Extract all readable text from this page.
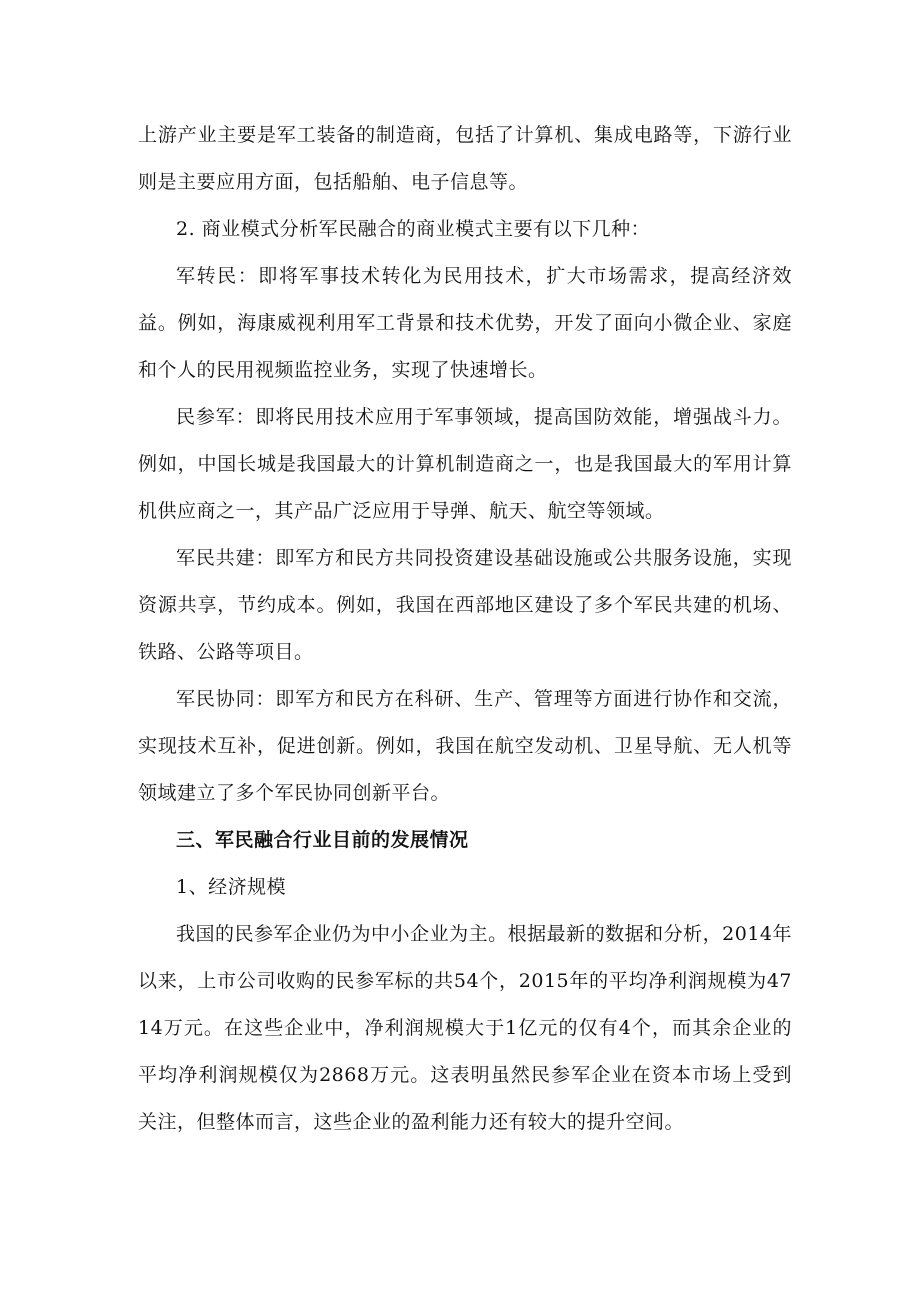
上游产业主要是军工装备的制造商，包括了计算机、集成电路等，下游行业则是主要应用方面，包括船舶、电子信息等。

2. 商业模式分析军民融合的商业模式主要有以下几种：

军转民：即将军事技术转化为民用技术，扩大市场需求，提高经济效益。例如，海康威视利用军工背景和技术优势，开发了面向小微企业、家庭和个人的民用视频监控业务，实现了快速增长。

民参军：即将民用技术应用于军事领域，提高国防效能，增强战斗力。例如，中国长城是我国最大的计算机制造商之一，也是我国最大的军用计算机供应商之一，其产品广泛应用于导弹、航天、航空等领域。

军民共建：即军方和民方共同投资建设基础设施或公共服务设施，实现资源共享，节约成本。例如，我国在西部地区建设了多个军民共建的机场、铁路、公路等项目。

军民协同：即军方和民方在科研、生产、管理等方面进行协作和交流，实现技术互补，促进创新。例如，我国在航空发动机、卫星导航、无人机等领域建立了多个军民协同创新平台。

三、军民融合行业目前的发展情况

1、经济规模

我国的民参军企业仍为中小企业为主。根据最新的数据和分析，2014年以来，上市公司收购的民参军标的共54个，2015年的平均净利润规模为4714万元。在这些企业中，净利润规模大于1亿元的仅有4个，而其余企业的平均净利润规模仅为2868万元。这表明虽然民参军企业在资本市场上受到关注，但整体而言，这些企业的盈利能力还有较大的提升空间。
